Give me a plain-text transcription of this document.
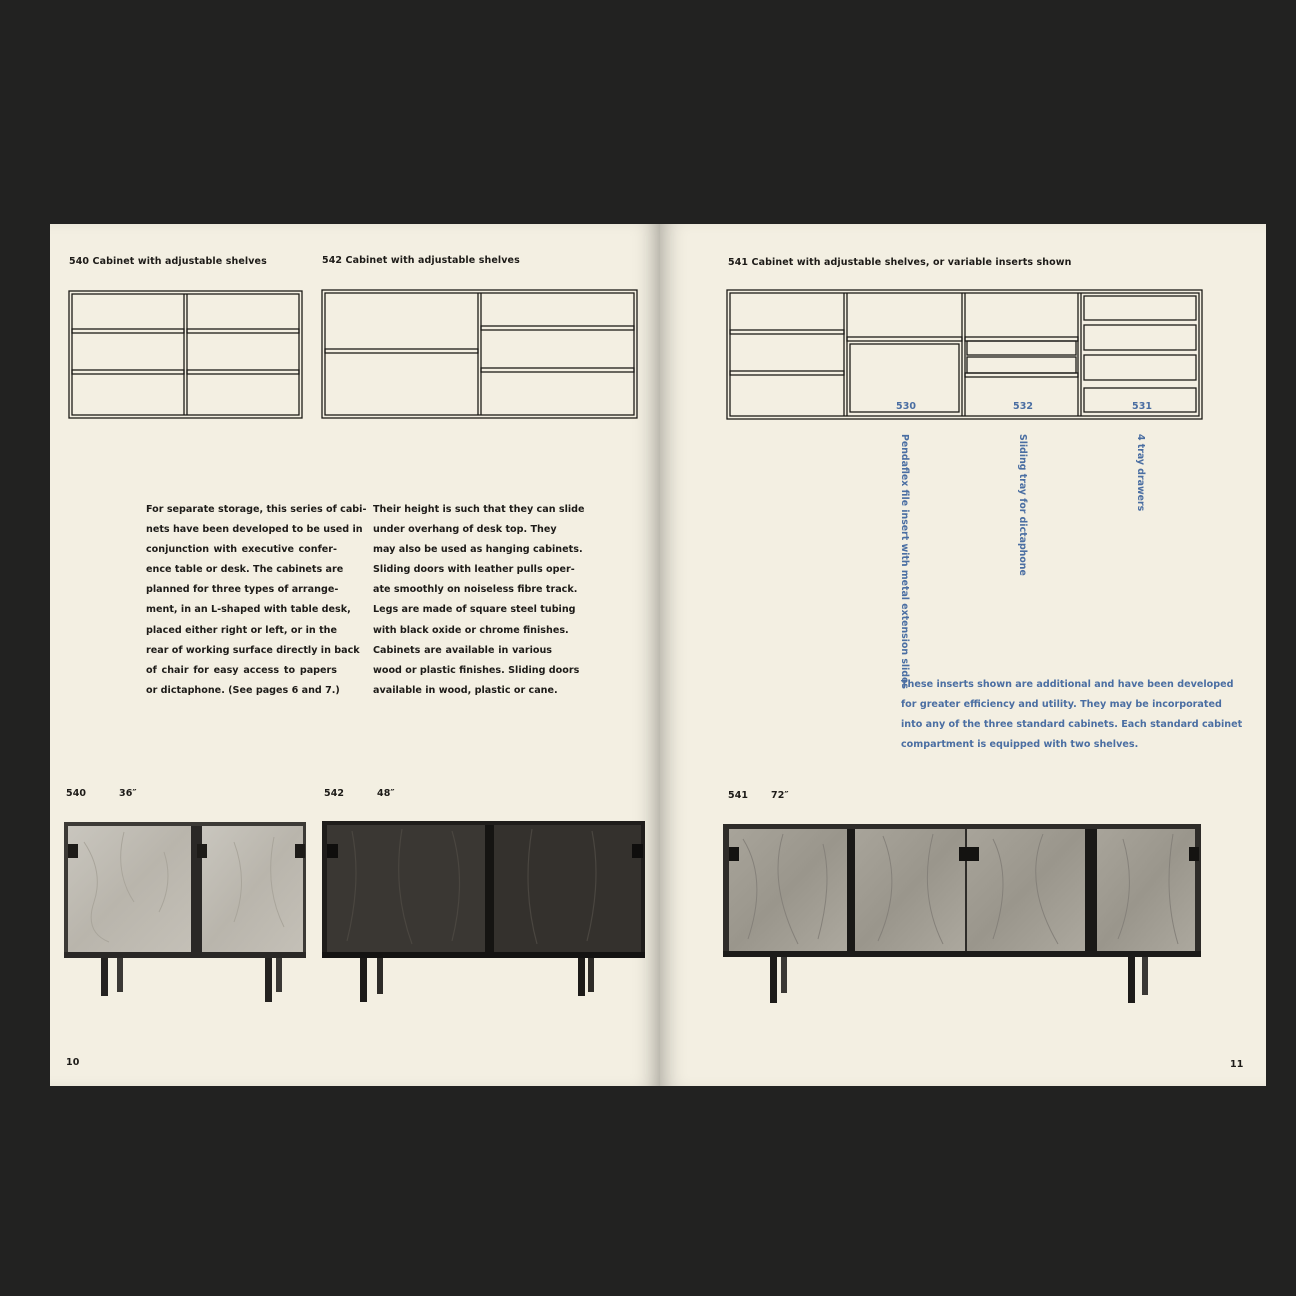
540 Cabinet with adjustable shelves	542 Cabinet with adjustable shelves
For separate storage, this series of cabi-
nets have been developed to be used in
conjunction with executive confer-
ence table or desk. The cabinets are
planned for three types of arrange-
ment, in an L-shaped with table desk,
placed either right or left, or in the
rear of working surface directly in back
of chair for easy access to papers
or dictaphone. (See pages 6 and 7.)
Their height is such that they can slide
under overhang of desk top. They
may also be used as hanging cabinets.
Sliding doors with leather pulls oper-
ate smoothly on noiseless fibre track.
Legs are made of square steel tubing
with black oxide or chrome finishes.
Cabinets are available in various
wood or plastic finishes. Sliding doors
available in wood, plastic or cane.
540	36″	542	48″
10
541 Cabinet with adjustable shelves, or variable inserts shown
530	532	531
Pendaflex file insert with metal extension slides	Sliding tray for dictaphone	4 tray drawers
These inserts shown are additional and have been developed
for greater efficiency and utility. They may be incorporated
into any of the three standard cabinets. Each standard cabinet
compartment is equipped with two shelves.
541 72″
11
